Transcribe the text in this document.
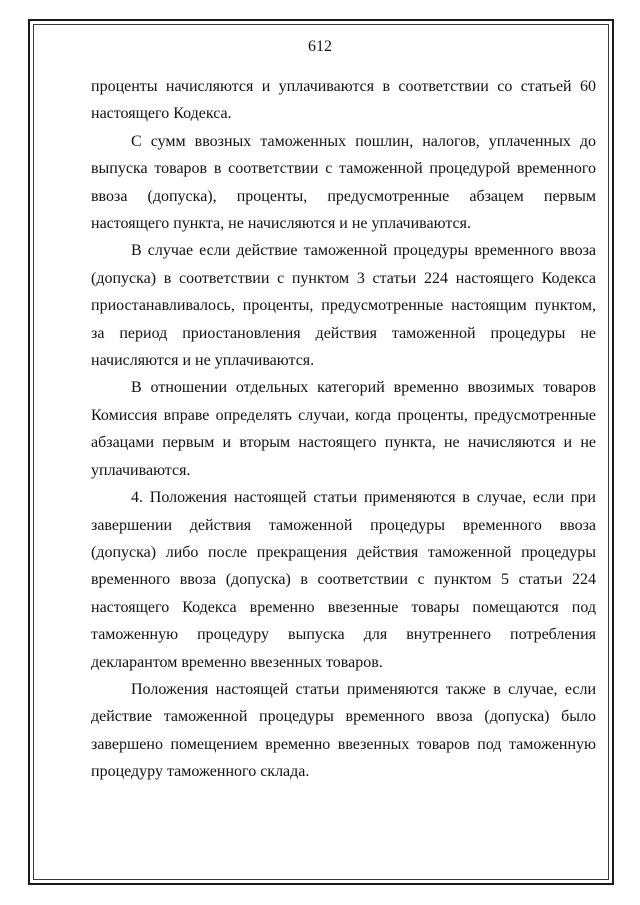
612

проценты начисляются и уплачиваются в соответствии со статьей 60 настоящего Кодекса.

С сумм ввозных таможенных пошлин, налогов, уплаченных до выпуска товаров в соответствии с таможенной процедурой временного ввоза (допуска), проценты, предусмотренные абзацем первым настоящего пункта, не начисляются и не уплачиваются.

В случае если действие таможенной процедуры временного ввоза (допуска) в соответствии с пунктом 3 статьи 224 настоящего Кодекса приостанавливалось, проценты, предусмотренные настоящим пунктом, за период приостановления действия таможенной процедуры не начисляются и не уплачиваются.

В отношении отдельных категорий временно ввозимых товаров Комиссия вправе определять случаи, когда проценты, предусмотренные абзацами первым и вторым настоящего пункта, не начисляются и не уплачиваются.

4. Положения настоящей статьи применяются в случае, если при завершении действия таможенной процедуры временного ввоза (допуска) либо после прекращения действия таможенной процедуры временного ввоза (допуска) в соответствии с пунктом 5 статьи 224 настоящего Кодекса временно ввезенные товары помещаются под таможенную процедуру выпуска для внутреннего потребления декларантом временно ввезенных товаров.

Положения настоящей статьи применяются также в случае, если действие таможенной процедуры временного ввоза (допуска) было завершено помещением временно ввезенных товаров под таможенную процедуру таможенного склада.
